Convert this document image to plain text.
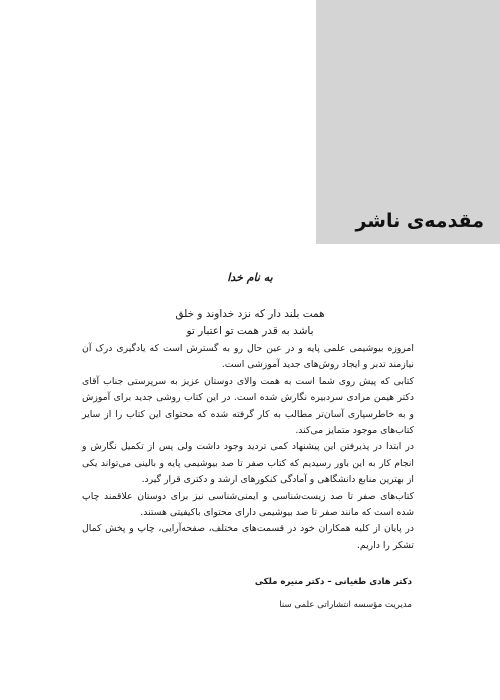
مقدمه‌ی ناشر
به نام خدا
همت بلند دار که نزد خداوند و خلق
باشد به قدر همت تو اعتبار تو

امروزه بیوشیمی علمی پایه و در عین حال رو به گسترش است که یادگیری درک آن نیازمند تدبر و ایجاد روش‌های جدید آموزشی است.

کتابی که پیش روی شما است به همت والای دوستان عزیز به سرپرستی جناب آقای دکتر هیمن مرادی سردبیره نگارش شده است. در این کتاب روشی جدید برای آموزش و به خاطرسپاری آسان‌تر مطالب به کار گرفته شده که محتوای این کتاب را از سایر کتاب‌های موجود متمایز می‌کند.

در ابتدا در پذیرفتن این پیشنهاد کمی تردید وجود داشت ولی پس از تکمیل نگارش و انجام کار به این باور رسیدیم که کتاب صفر تا صد بیوشیمی پایه و بالینی می‌تواند یکی از بهترین منابع دانشگاهی و آمادگی کنکورهای ارشد و دکتری قرار گیرد.

کتاب‌های صفر تا صد زیست‌شناسی و ایمنی‌شناسی نیز برای دوستان علاقمند چاپ شده است که مانند صفر تا صد بیوشیمی دارای محتوای باکیفیتی هستند.

در پایان از کلیه همکاران خود در قسمت‌های مختلف، صفحه‌آرایی، چاپ و پخش کمال تشکر را داریم.

دکتر هادی طغیانی – دکتر منیره ملکی
مدیریت مؤسسه انتشاراتی علمی سنا
